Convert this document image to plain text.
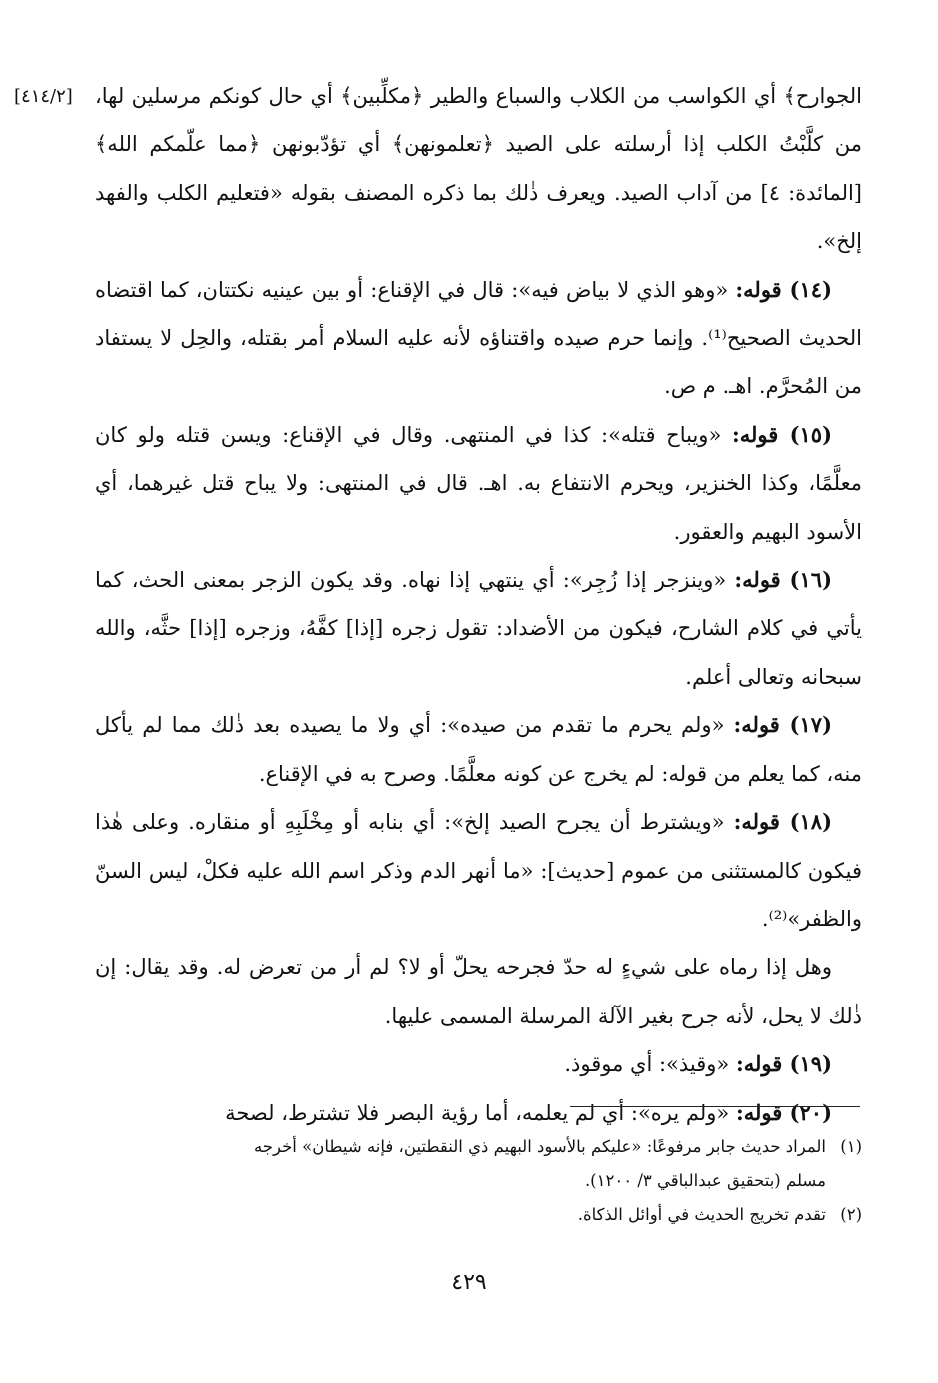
[٤١٤/٢] الجوارح﴾ أي الكواسب من الكلاب والسباع والطير ﴿مكلِّبين﴾ أي حال كونكم مرسلين لها، من كلَّبْتُ الكلب إذا أرسلته على الصيد ﴿تعلمونهن﴾ أي تؤدّبونهن ﴿مما علّمكم الله﴾ [المائدة: ٤] من آداب الصيد. ويعرف ذٰلك بما ذكره المصنف بقوله «فتعليم الكلب والفهد إلخ».

(١٤) قوله: «وهو الذي لا بياض فيه»: قال في الإقناع: أو بين عينيه نكتتان، كما اقتضاه الحديث الصحيح⁽¹⁾. وإنما حرم صيده واقتناؤه لأنه عليه السلام أمر بقتله، والحِل لا يستفاد من المُحرَّم. اهـ. م ص.

(١٥) قوله: «ويباح قتله»: كذا في المنتهى. وقال في الإقناع: ويسن قتله ولو كان معلَّمًا، وكذا الخنزير، ويحرم الانتفاع به. اهـ. قال في المنتهى: ولا يباح قتل غيرهما، أي الأسود البهيم والعقور.

(١٦) قوله: «وينزجر إذا زُجِر»: أي ينتهي إذا نهاه. وقد يكون الزجر بمعنى الحث، كما يأتي في كلام الشارح، فيكون من الأضداد: تقول زجره [إذا] كفَّهُ، وزجره [إذا] حثَّه، والله سبحانه وتعالى أعلم.

(١٧) قوله: «ولم يحرم ما تقدم من صيده»: أي ولا ما يصيده بعد ذٰلك مما لم يأكل منه، كما يعلم من قوله: لم يخرج عن كونه معلَّمًا. وصرح به في الإقناع.

(١٨) قوله: «ويشترط أن يجرح الصيد إلخ»: أي بنابه أو مِخْلَبِهِ أو منقاره. وعلى هٰذا فيكون كالمستثنى من عموم [حديث]: «ما أنهر الدم وذكر اسم الله عليه فكلْ، ليس السنّ والظفر»⁽²⁾.

وهل إذا رماه على شيءٍ له حدّ فجرحه يحلّ أو لا؟ لم أر من تعرض له. وقد يقال: إن ذٰلك لا يحل، لأنه جرح بغير الآلة المرسلة المسمى عليها.

(١٩) قوله: «وقيذ»: أي موقوذ.

(٢٠) قوله: «ولم يره»: أي لم يعلمه، أما رؤية البصر فلا تشترط، لصحة

(١)المراد حديث جابر مرفوعًا: «عليكم بالأسود البهيم ذي النقطتين، فإنه شيطان» أخرجه

مسلم (بتحقيق عبدالباقي ٣/ ١٢٠٠).

(٢)تقدم تخريج الحديث في أوائل الذكاة.

٤٢٩
